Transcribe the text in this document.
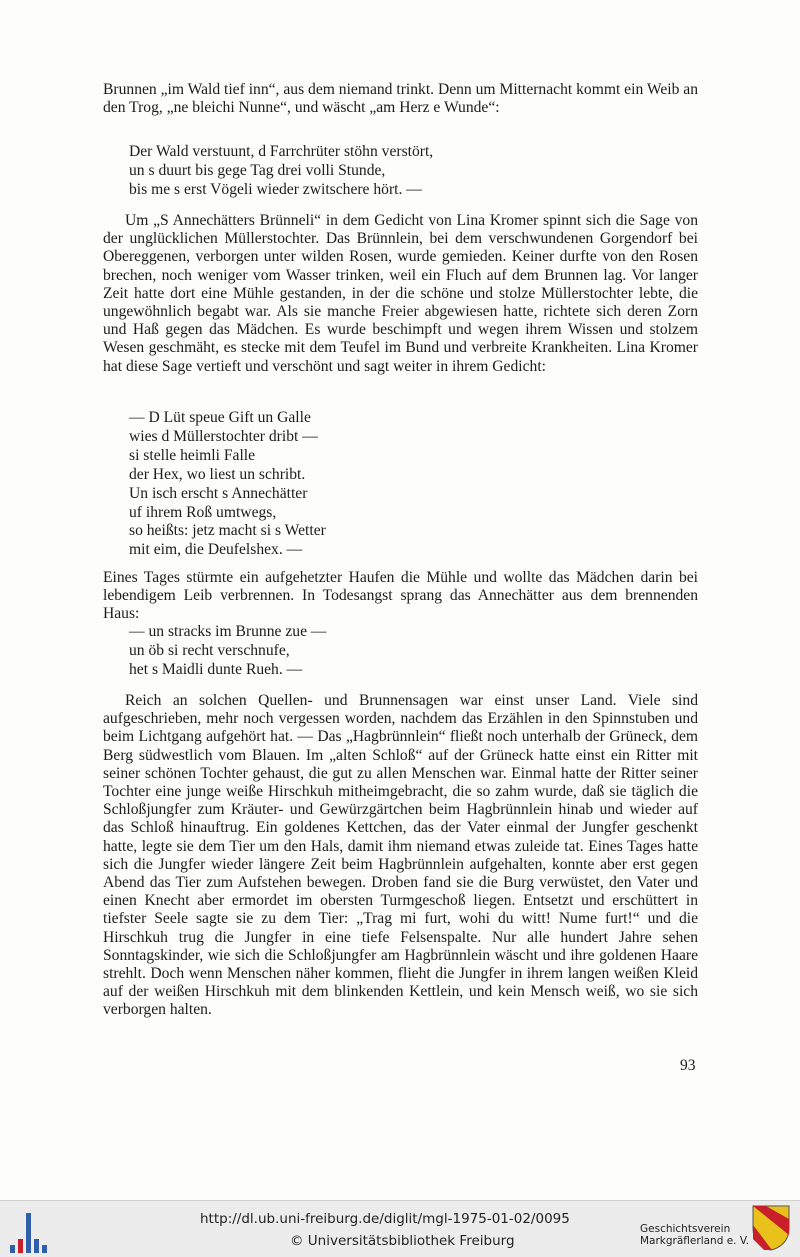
Brunnen „im Wald tief inn“, aus dem niemand trinkt. Denn um Mitternacht kommt ein Weib an den Trog, „ne bleichi Nunne“, und wäscht „am Herz e Wunde“:

Der Wald verstuunt, d Farrchrüter stöhn verstört,
un s duurt bis gege Tag drei volli Stunde,
bis me s erst Vögeli wieder zwitschere hört. —

Um „S Annechätters Brünneli“ in dem Gedicht von Lina Kromer spinnt sich die Sage von der unglücklichen Müllerstochter. Das Brünnlein, bei dem verschwundenen Gorgendorf bei Obereggenen, verborgen unter wilden Rosen, wurde gemieden. Keiner durfte von den Rosen brechen, noch weniger vom Wasser trinken, weil ein Fluch auf dem Brunnen lag. Vor langer Zeit hatte dort eine Mühle gestanden, in der die schöne und stolze Müllerstochter lebte, die ungewöhnlich begabt war. Als sie manche Freier abgewiesen hatte, richtete sich deren Zorn und Haß gegen das Mädchen. Es wurde beschimpft und wegen ihrem Wissen und stolzem Wesen geschmäht, es stecke mit dem Teufel im Bund und verbreite Krankheiten. Lina Kromer hat diese Sage vertieft und verschönt und sagt weiter in ihrem Gedicht:

— D Lüt speue Gift un Galle
wies d Müllerstochter dribt —
si stelle heimli Falle
der Hex, wo liest un schribt.
Un isch erscht s Annechätter
uf ihrem Roß umtwegs,
so heißts: jetz macht si s Wetter
mit eim, die Deufelshex. —

Eines Tages stürmte ein aufgehetzter Haufen die Mühle und wollte das Mädchen darin bei lebendigem Leib verbrennen. In Todesangst sprang das Annechätter aus dem brennenden Haus:

— un stracks im Brunne zue —
un öb si recht verschnufe,
het s Maidli dunte Rueh. —

Reich an solchen Quellen- und Brunnensagen war einst unser Land. Viele sind aufgeschrieben, mehr noch vergessen worden, nachdem das Erzählen in den Spinnstuben und beim Lichtgang aufgehört hat. — Das „Hagbrünnlein“ fließt noch unterhalb der Grüneck, dem Berg südwestlich vom Blauen. Im „alten Schloß“ auf der Grüneck hatte einst ein Ritter mit seiner schönen Tochter gehaust, die gut zu allen Menschen war. Einmal hatte der Ritter seiner Tochter eine junge weiße Hirschkuh mitheimgebracht, die so zahm wurde, daß sie täglich die Schloßjungfer zum Kräuter- und Gewürzgärtchen beim Hagbrünnlein hinab und wieder auf das Schloß hinauftrug. Ein goldenes Kettchen, das der Vater einmal der Jungfer geschenkt hatte, legte sie dem Tier um den Hals, damit ihm niemand etwas zuleide tat. Eines Tages hatte sich die Jungfer wieder längere Zeit beim Hagbrünnlein aufgehalten, konnte aber erst gegen Abend das Tier zum Aufstehen bewegen. Droben fand sie die Burg verwüstet, den Vater und einen Knecht aber ermordet im obersten Turmgeschoß liegen. Entsetzt und erschüttert in tiefster Seele sagte sie zu dem Tier: „Trag mi furt, wohi du witt! Nume furt!“ und die Hirschkuh trug die Jungfer in eine tiefe Felsenspalte. Nur alle hundert Jahre sehen Sonntagskinder, wie sich die Schloßjungfer am Hagbrünnlein wäscht und ihre goldenen Haare strehlt. Doch wenn Menschen näher kommen, flieht die Jungfer in ihrem langen weißen Kleid auf der weißen Hirschkuh mit dem blinkenden Kettlein, und kein Mensch weiß, wo sie sich verborgen halten.

93
http://dl.ub.uni-freiburg.de/diglit/mgl-1975-01-02/0095
© Universitätsbibliothek Freiburg
Geschichtsverein
Markgräflerland e. V.
